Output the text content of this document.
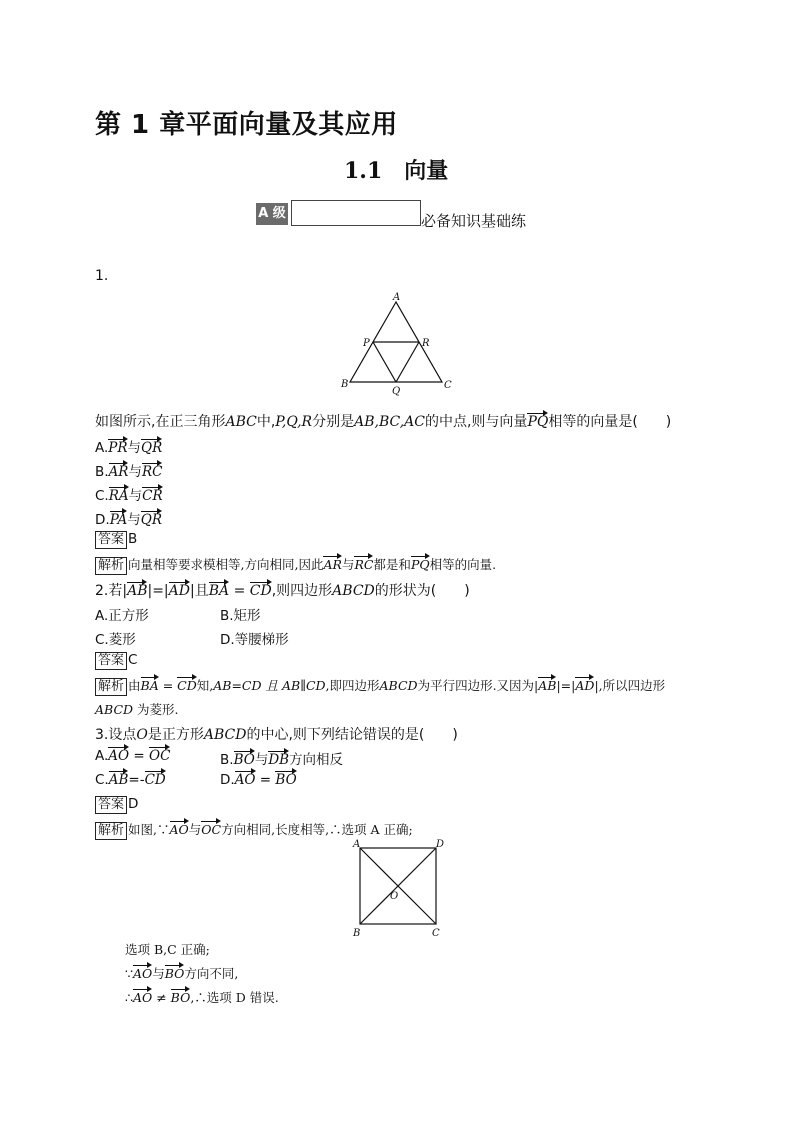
第 1 章平面向量及其应用
1.1　向量
A 级	必备知识基础练
1.
A
P	R
B
Q
C
如图所示,在正三角形ABC中,P,Q,R分别是AB,BC,AC的中点,则与向量PQ相等的向量是(　　)
A.PR与QR
B.AR与RC
C.RA与CR
D.PA与QR
答案 B
解析 向量相等要求模相等,方向相同,因此AR与RC都是和PQ相等的向量.
2.若|AB|=|AD|且BA = CD,则四边形ABCD的形状为(　　)
A.正方形	B.矩形
C.菱形	D.等腰梯形
答案 C
解析 由BA = CD知,AB=CD 且 AB∥CD,即四边形ABCD为平行四边形.又因为|AB|=|AD|,所以四边形
ABCD 为菱形.
3.设点O是正方形ABCD的中心,则下列结论错误的是(　　)
A.AO = OC	B.BO与DB方向相反
C.AB=-CD	D.AO = BO
答案 D
解析 如图,∵AO与OC方向相同,长度相等,∴选项 A 正确;
A	D
O
B	C
选项 B,C 正确;
∵AO与BO方向不同,
∴AO ≠ BO,∴选项 D 错误.
